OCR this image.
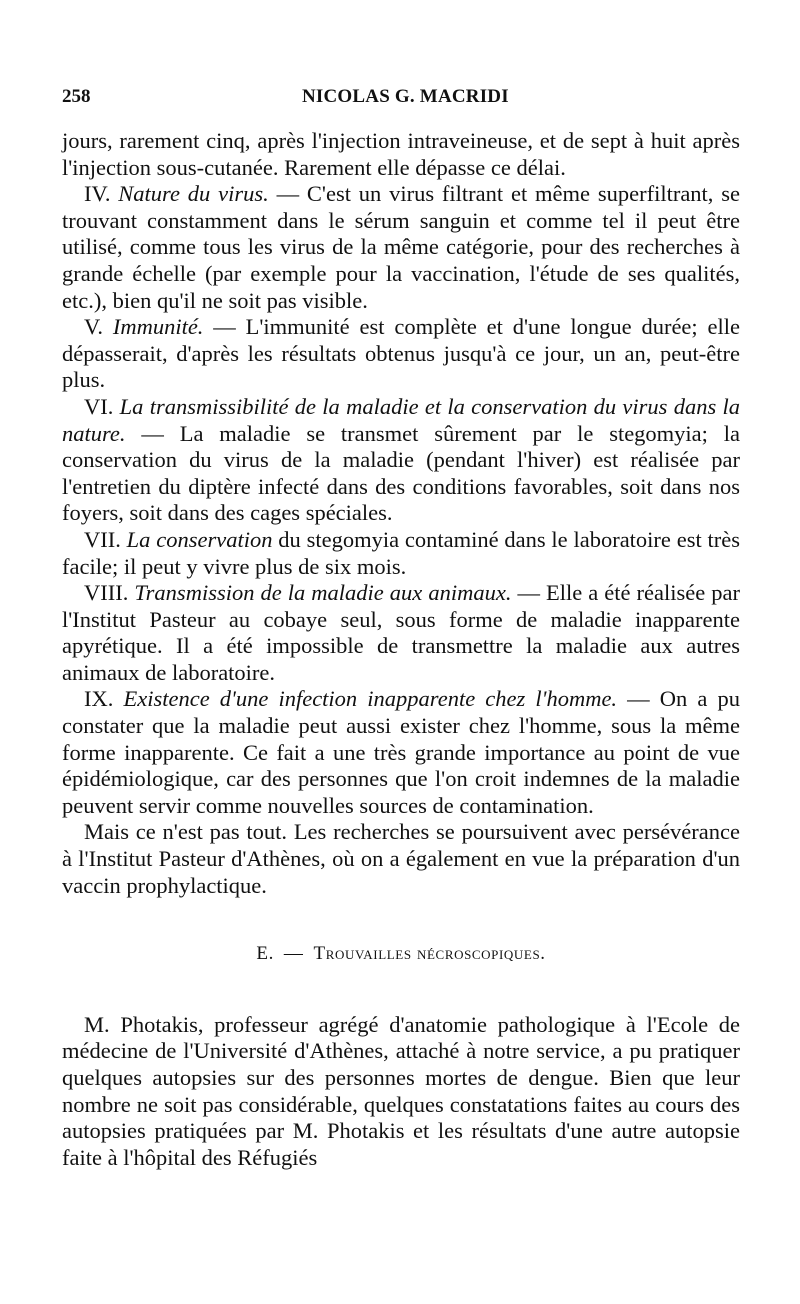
258	NICOLAS G. MACRIDI

jours, rarement cinq, après l'injection intraveineuse, et de sept à huit après l'injection sous-cutanée. Rarement elle dépasse ce délai.

IV. Nature du virus. — C'est un virus filtrant et même superfiltrant, se trouvant constamment dans le sérum sanguin et comme tel il peut être utilisé, comme tous les virus de la même catégorie, pour des recherches à grande échelle (par exemple pour la vaccination, l'étude de ses qualités, etc.), bien qu'il ne soit pas visible.

V. Immunité. — L'immunité est complète et d'une longue durée; elle dépasserait, d'après les résultats obtenus jusqu'à ce jour, un an, peut-être plus.

VI. La transmissibilité de la maladie et la conservation du virus dans la nature. — La maladie se transmet sûrement par le stegomyia; la conservation du virus de la maladie (pendant l'hiver) est réalisée par l'entretien du diptère infecté dans des conditions favorables, soit dans nos foyers, soit dans des cages spéciales.

VII. La conservation du stegomyia contaminé dans le laboratoire est très facile; il peut y vivre plus de six mois.

VIII. Transmission de la maladie aux animaux. — Elle a été réalisée par l'Institut Pasteur au cobaye seul, sous forme de maladie inapparente apyrétique. Il a été impossible de transmettre la maladie aux autres animaux de laboratoire.

IX. Existence d'une infection inapparente chez l'homme. — On a pu constater que la maladie peut aussi exister chez l'homme, sous la même forme inapparente. Ce fait a une très grande importance au point de vue épidémiologique, car des personnes que l'on croit indemnes de la maladie peuvent servir comme nouvelles sources de contamination.

Mais ce n'est pas tout. Les recherches se poursuivent avec persévérance à l'Institut Pasteur d'Athènes, où on a également en vue la préparation d'un vaccin prophylactique.

E. — Trouvailles nécroscopiques.

M. Photakis, professeur agrégé d'anatomie pathologique à l'Ecole de médecine de l'Université d'Athènes, attaché à notre service, a pu pratiquer quelques autopsies sur des personnes mortes de dengue. Bien que leur nombre ne soit pas considérable, quelques constatations faites au cours des autopsies pratiquées par M. Photakis et les résultats d'une autre autopsie faite à l'hôpital des Réfugiés
